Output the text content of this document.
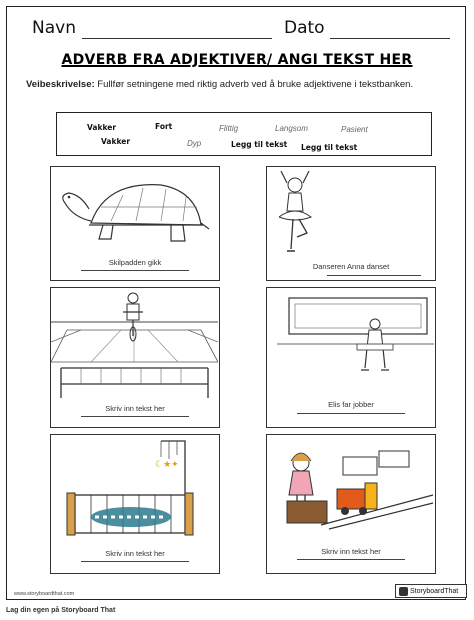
Navn	Dato
ADVERB FRA ADJEKTIVER/ ANGI TEKST HER
Veibeskrivelse: Fullfør setningene med riktig adverb ved å bruke adjektivene i tekstbanken.
Vakker	Fort	Flittig	Langsom	Pasient
Vakker	Dyp	Legg til tekst Legg til tekst
Skilpadden gikk	Danseren Anna danset
Skriv inn tekst her	Elis far jobber
☾★✦
Skriv inn tekst her	Skriv inn tekst her
www.storyboardthat.com	StoryboardThat
Lag din egen på Storyboard That
